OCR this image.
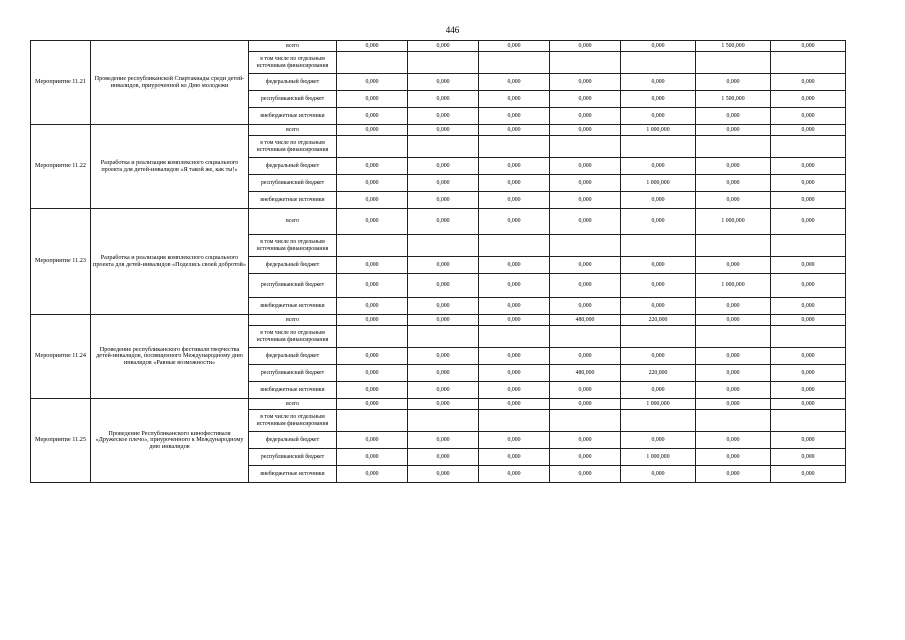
446
Мероприятие 11.21	Проведение республиканской Спартакиады среди детей-инвалидов, приуроченной ко Дню молодежи	всего	0,000	0,000	0,000	0,000	0,000	1 500,000	0,000
		в том числе по отдельным источникам финансирования							
		федеральный бюджет	0,000	0,000	0,000	0,000	0,000	0,000	0,000
		республиканский бюджет	0,000	0,000	0,000	0,000	0,000	1 500,000	0,000
		внебюджетные источники	0,000	0,000	0,000	0,000	0,000	0,000	0,000
Мероприятие 11.22	Разработка и реализация комплексного социального проекта для детей-инвалидов «Я такой же, как ты!»	всего	0,000	0,000	0,000	0,000	1 000,000	0,000	0,000
		в том числе по отдельным источникам финансирования							
		федеральный бюджет	0,000	0,000	0,000	0,000	0,000	0,000	0,000
		республиканский бюджет	0,000	0,000	0,000	0,000	1 000,000	0,000	0,000
		внебюджетные источники	0,000	0,000	0,000	0,000	0,000	0,000	0,000
Мероприятие 11.23	Разработка и реализация комплексного социального проекта для детей-инвалидов «Поделись своей добротой»	всего	0,000	0,000	0,000	0,000	0,000	1 000,000	0,000
		в том числе по отдельным источникам финансирования							
		федеральный бюджет	0,000	0,000	0,000	0,000	0,000	0,000	0,000
		республиканский бюджет	0,000	0,000	0,000	0,000	0,000	1 000,000	0,000
		внебюджетные источники	0,000	0,000	0,000	0,000	0,000	0,000	0,000
Мероприятие 11.24	Проведение республиканского фестиваля творчества детей-инвалидов, посвященного Международному дню инвалидов «Равные возможности»	всего	0,000	0,000	0,000	480,000	220,000	0,000	0,000
		в том числе по отдельным источникам финансирования							
		федеральный бюджет	0,000	0,000	0,000	0,000	0,000	0,000	0,000
		республиканский бюджет	0,000	0,000	0,000	480,000	220,000	0,000	0,000
		внебюджетные источники	0,000	0,000	0,000	0,000	0,000	0,000	0,000
Мероприятие 11.25	Проведение Республиканского кинофестиваля «Дружеское плечо», приуроченного к Международному дню инвалидов	всего	0,000	0,000	0,000	0,000	1 000,000	0,000	0,000
		в том числе по отдельным источникам финансирования							
		федеральный бюджет	0,000	0,000	0,000	0,000	0,000	0,000	0,000
		республиканский бюджет	0,000	0,000	0,000	0,000	1 000,000	0,000	0,000
		внебюджетные источники	0,000	0,000	0,000	0,000	0,000	0,000	0,000
